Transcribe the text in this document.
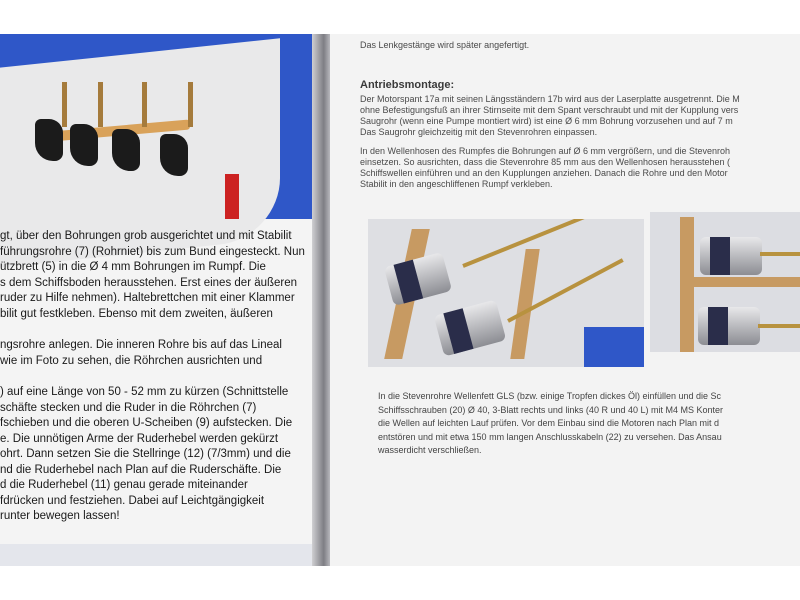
gt, über den Bohrungen grob ausgerichtet und mit Stabilit

führungsrohre (7) (Rohrniet) bis zum Bund eingesteckt. Nun

ützbrett (5) in die Ø 4 mm Bohrungen im Rumpf. Die

s dem Schiffsboden herausstehen. Erst eines der äußeren

ruder zu Hilfe nehmen). Haltebrettchen mit einer Klammer

bilit gut festkleben. Ebenso mit dem zweiten, äußeren

ngsrohre anlegen. Die inneren Rohre bis auf das Lineal

wie im Foto zu sehen, die Röhrchen ausrichten und

) auf eine Länge von 50 - 52 mm zu kürzen (Schnittstelle

schäfte stecken und die Ruder in die Röhrchen (7)

fschieben und die oberen U-Scheiben (9) aufstecken. Die

e. Die unnötigen Arme der Ruderhebel werden gekürzt

ohrt. Dann setzen Sie die Stellringe (12) (7/3mm) und die

nd die Ruderhebel nach Plan auf die Ruderschäfte. Die

d die Ruderhebel (11) genau gerade miteinander

fdrücken und festziehen. Dabei auf Leichtgängigkeit

runter bewegen lassen!

Das Lenkgestänge wird später angefertigt.
Antriebsmontage:

Der Motorspant 17a mit seinen Längsständern 17b wird aus der Laserplatte ausgetrennt. Die M

ohne Befestigungsfuß an ihrer Stirnseite mit dem Spant verschraubt und mit der Kupplung vers

Saugrohr (wenn eine Pumpe montiert wird) ist eine Ø 6 mm Bohrung vorzusehen und auf 7 m

Das Saugrohr gleichzeitig mit den Stevenrohren einpassen.

In den Wellenhosen des Rumpfes die Bohrungen auf Ø 6 mm vergrößern, und die Stevenroh

einsetzen. So ausrichten, dass die Stevenrohre 85 mm aus den Wellenhosen herausstehen (

Schiffswellen einführen und an den Kupplungen anziehen. Danach die Rohre und den Motor

Stabilit in den angeschliffenen Rumpf verkleben.

In die Stevenrohre Wellenfett GLS (bzw. einige Tropfen dickes Öl) einfüllen und die Sc

Schiffsschrauben (20) Ø 40, 3-Blatt rechts und links (40 R und 40 L) mit M4 MS Konter

die Wellen auf leichten Lauf prüfen. Vor dem Einbau sind die Motoren nach Plan mit d

entstören und mit etwa 150 mm langen Anschlusskabeln (22) zu versehen. Das Ansau

wasserdicht verschließen.
